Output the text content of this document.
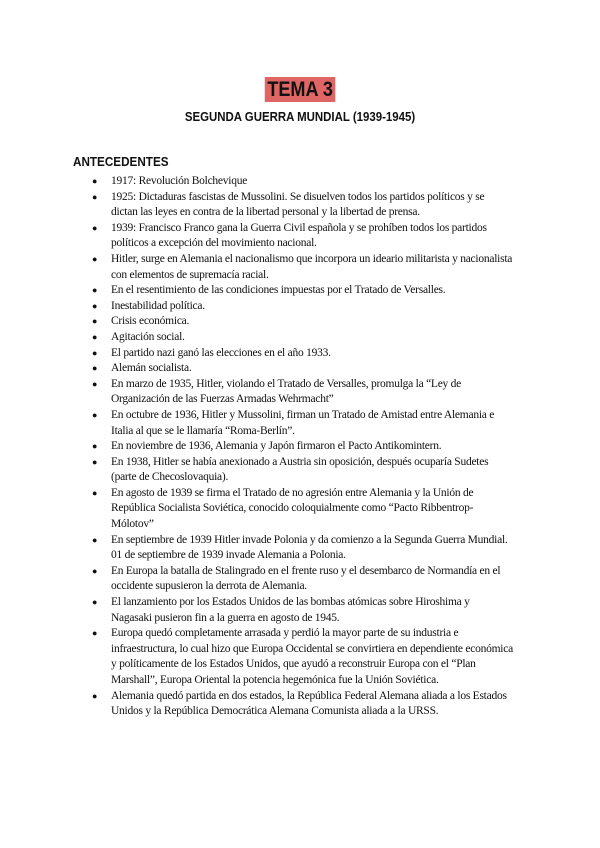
TEMA 3
SEGUNDA GUERRA MUNDIAL (1939-1945)
ANTECEDENTES
● 1917: Revolución Bolchevique
● 1925: Dictaduras fascistas de Mussolini. Se disuelven todos los partidos políticos y se dictan las leyes en contra de la libertad personal y la libertad de prensa.
● 1939: Francisco Franco gana la Guerra Civil española y se prohíben todos los partidos políticos a excepción del movimiento nacional.
● Hitler, surge en Alemania el nacionalismo que incorpora un ideario militarista y nacionalista con elementos de supremacía racial.
● En el resentimiento de las condiciones impuestas por el Tratado de Versalles.
● Inestabilidad política.
● Crisis económica.
● Agitación social.
● El partido nazi ganó las elecciones en el año 1933.
● Alemán socialista.
● En marzo de 1935, Hitler, violando el Tratado de Versalles, promulga la “Ley de Organización de las Fuerzas Armadas Wehrmacht”
● En octubre de 1936, Hitler y Mussolini, firman un Tratado de Amistad entre Alemania e Italia al que se le llamaría “Roma-Berlín”.
● En noviembre de 1936, Alemania y Japón firmaron el Pacto Antikomintern.
● En 1938, Hitler se había anexionado a Austria sin oposición, después ocuparía Sudetes (parte de Checoslovaquia).
● En agosto de 1939 se firma el Tratado de no agresión entre Alemania y la Unión de República Socialista Soviética, conocido coloquialmente como “Pacto Ribbentrop-Mólotov”
● En septiembre de 1939 Hitler invade Polonia y da comienzo a la Segunda Guerra Mundial. 01 de septiembre de 1939 invade Alemania a Polonia.
● En Europa la batalla de Stalingrado en el frente ruso y el desembarco de Normandía en el occidente supusieron la derrota de Alemania.
● El lanzamiento por los Estados Unidos de las bombas atómicas sobre Hiroshima y Nagasaki pusieron fin a la guerra en agosto de 1945.
● Europa quedó completamente arrasada y perdió la mayor parte de su industria e infraestructura, lo cual hizo que Europa Occidental se convirtiera en dependiente económica y políticamente de los Estados Unidos, que ayudó a reconstruir Europa con el “Plan Marshall”, Europa Oriental la potencia hegemónica fue la Unión Soviética.
● Alemania quedó partida en dos estados, la República Federal Alemana aliada a los Estados Unidos y la República Democrática Alemana Comunista aliada a la URSS.
